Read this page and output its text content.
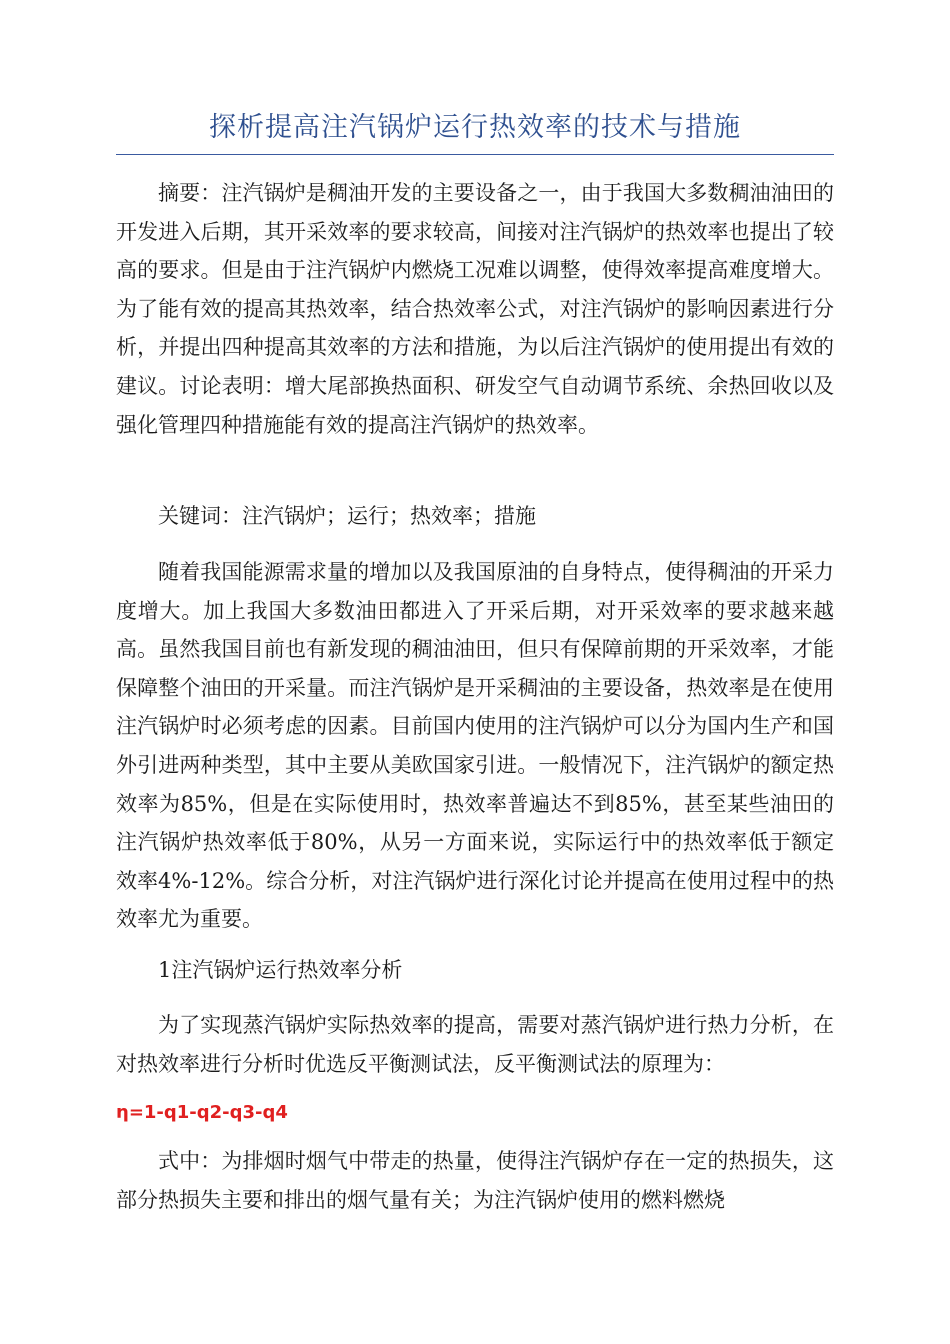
探析提高注汽锅炉运行热效率的技术与措施

摘要：注汽锅炉是稠油开发的主要设备之一，由于我国大多数稠油油田的开发进入后期，其开采效率的要求较高，间接对注汽锅炉的热效率也提出了较高的要求。但是由于注汽锅炉内燃烧工况难以调整，使得效率提高难度增大。为了能有效的提高其热效率，结合热效率公式，对注汽锅炉的影响因素进行分析，并提出四种提高其效率的方法和措施，为以后注汽锅炉的使用提出有效的建议。讨论表明：增大尾部换热面积、研发空气自动调节系统、余热回收以及强化管理四种措施能有效的提高注汽锅炉的热效率。

关键词：注汽锅炉；运行；热效率；措施

随着我国能源需求量的增加以及我国原油的自身特点，使得稠油的开采力度增大。加上我国大多数油田都进入了开采后期，对开采效率的要求越来越高。虽然我国目前也有新发现的稠油油田，但只有保障前期的开采效率，才能保障整个油田的开采量。而注汽锅炉是开采稠油的主要设备，热效率是在使用注汽锅炉时必须考虑的因素。目前国内使用的注汽锅炉可以分为国内生产和国外引进两种类型，其中主要从美欧国家引进。一般情况下，注汽锅炉的额定热效率为85%，但是在实际使用时，热效率普遍达不到85%，甚至某些油田的注汽锅炉热效率低于80%，从另一方面来说，实际运行中的热效率低于额定效率4%-12%。综合分析，对注汽锅炉进行深化讨论并提高在使用过程中的热效率尤为重要。

1注汽锅炉运行热效率分析

为了实现蒸汽锅炉实际热效率的提高，需要对蒸汽锅炉进行热力分析，在对热效率进行分析时优选反平衡测试法，反平衡测试法的原理为：

η=1-q1-q2-q3-q4

式中：为排烟时烟气中带走的热量，使得注汽锅炉存在一定的热损失，这部分热损失主要和排出的烟气量有关；为注汽锅炉使用的燃料燃烧
